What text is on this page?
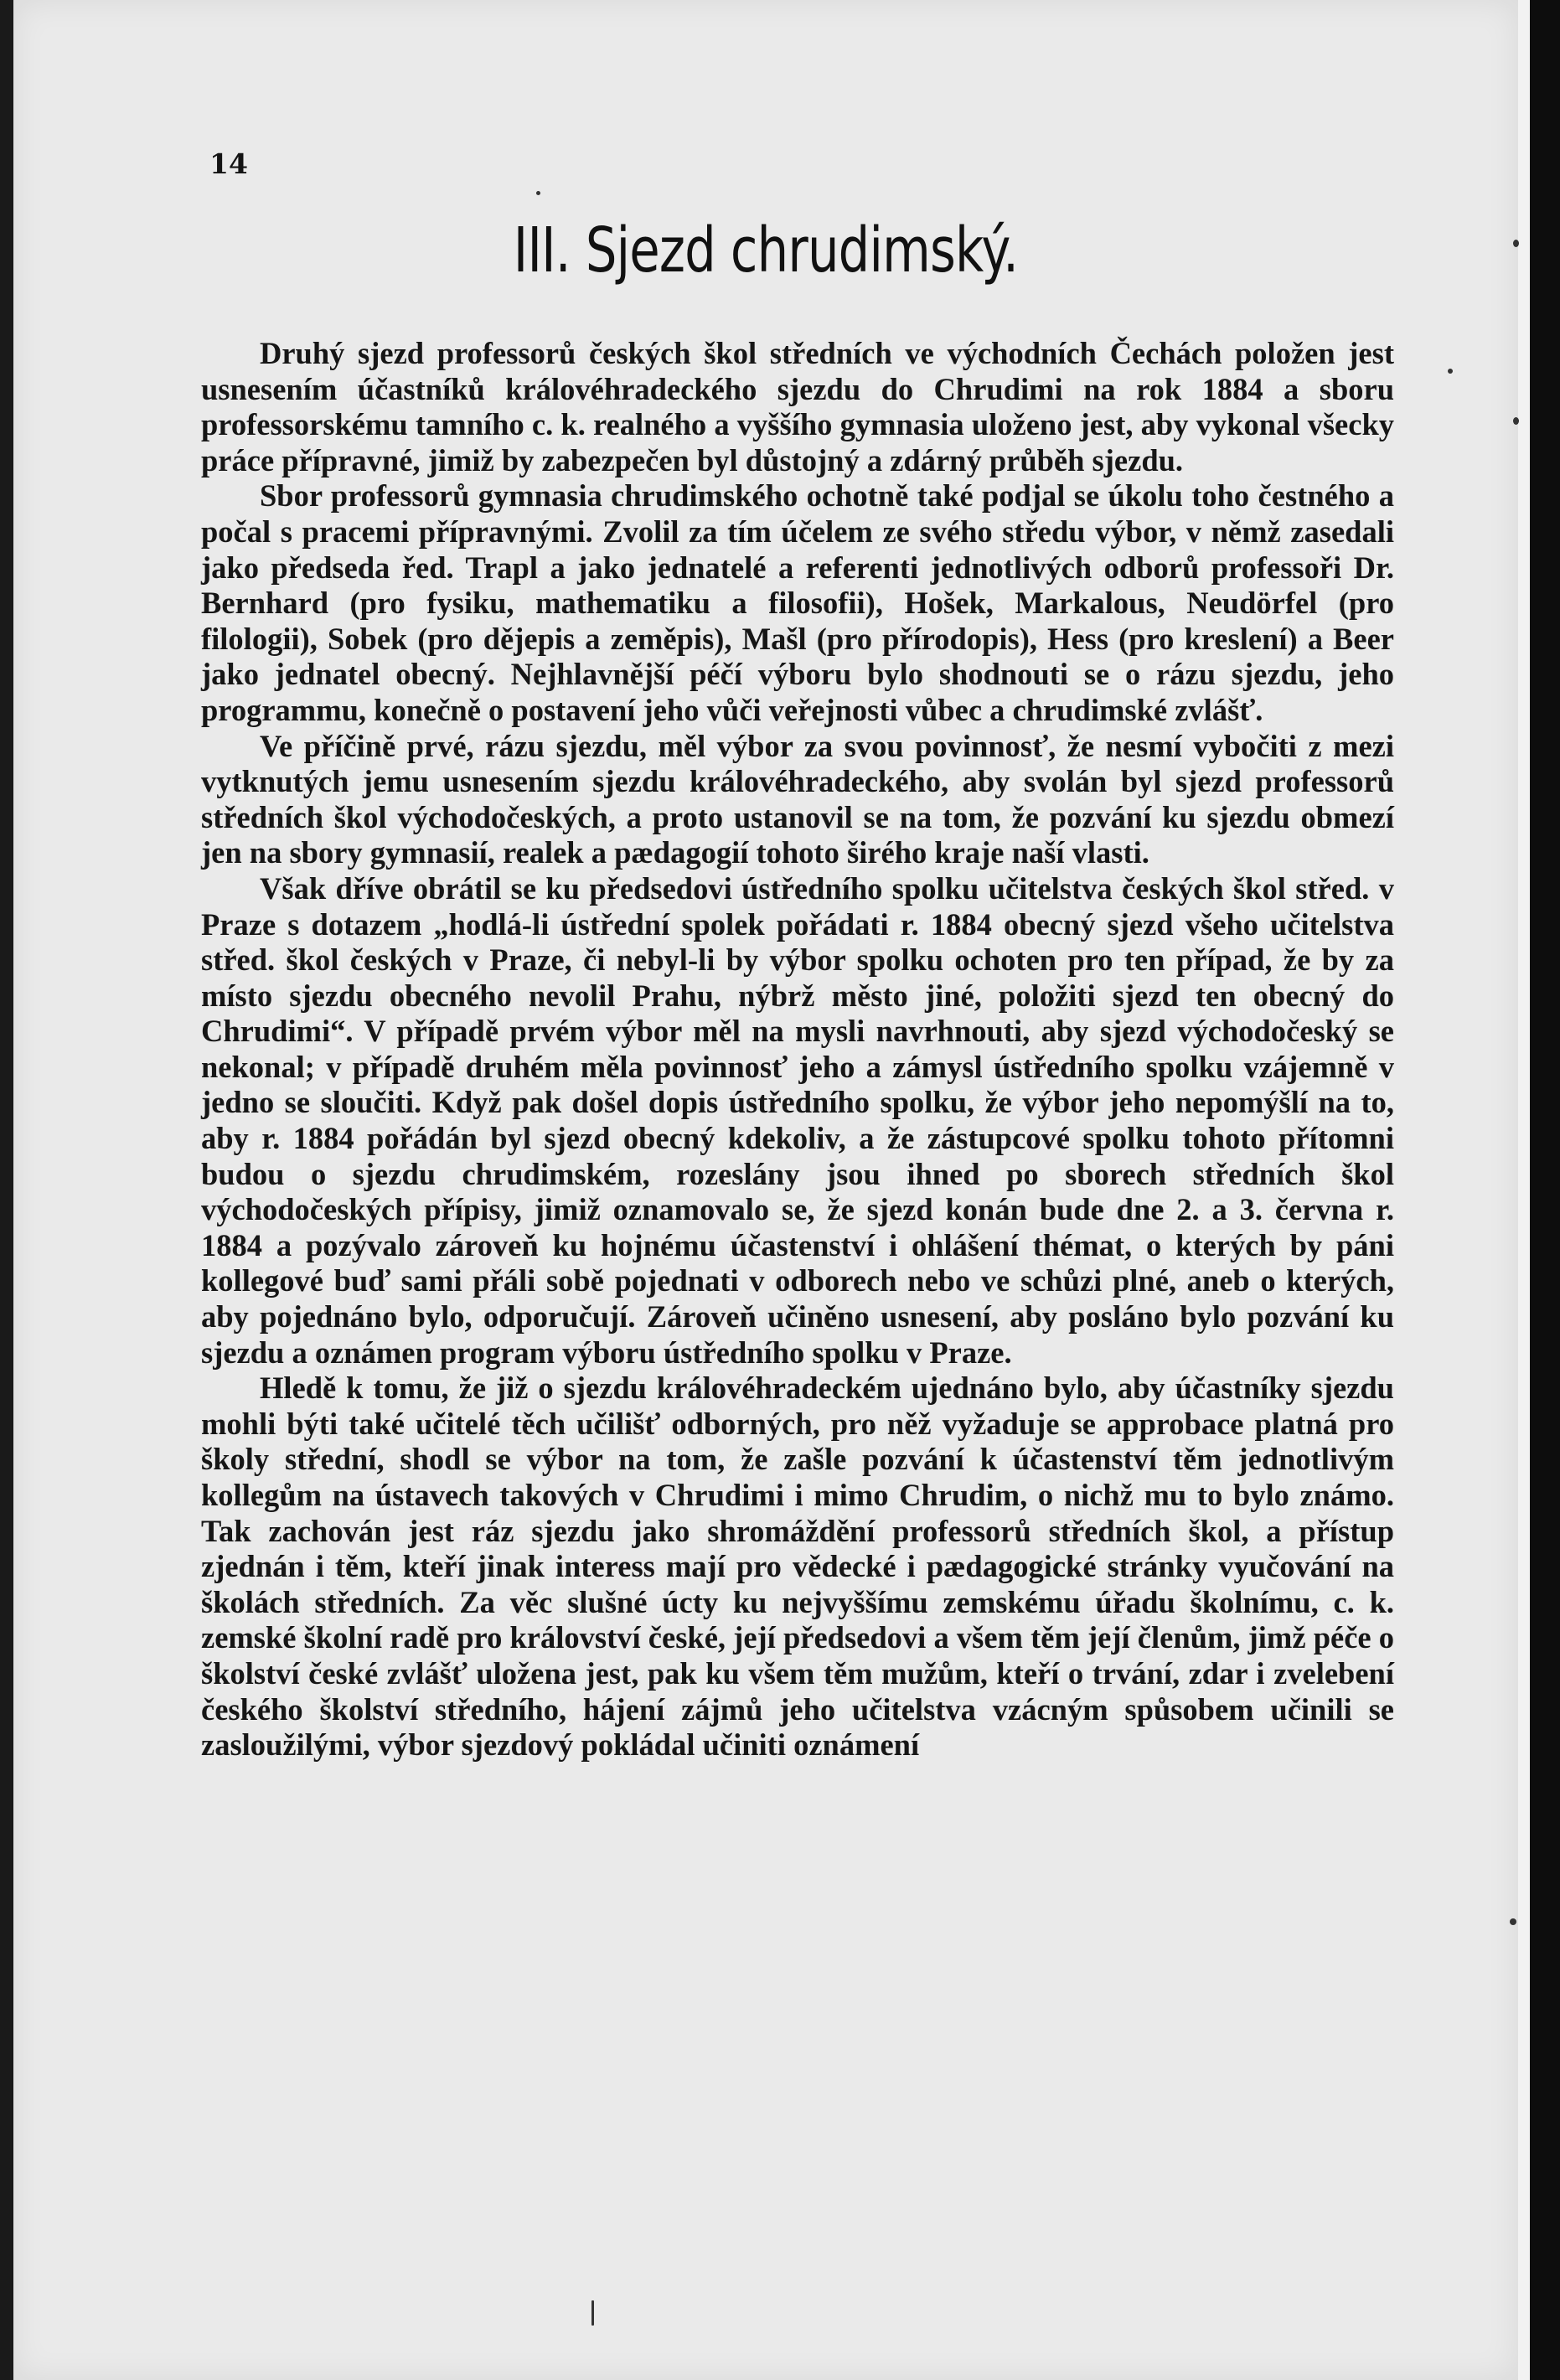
14
III. Sjezd chrudimský.

Druhý sjezd professorů českých škol středních ve východních Čechách položen jest usnesením účastníků královéhradeckého sjezdu do Chrudimi na rok 1884 a sboru professorskému tamního c. k. realného a vyššího gymnasia uloženo jest, aby vykonal všecky práce přípravné, jimiž by zabezpečen byl důstojný a zdárný průběh sjezdu.

Sbor professorů gymnasia chrudimského ochotně také podjal se úkolu toho čestného a počal s pracemi přípravnými. Zvolil za tím účelem ze svého středu výbor, v němž zasedali jako předseda řed. Trapl a jako jednatelé a referenti jednotlivých odborů professoři Dr. Bernhard (pro fysiku, mathematiku a filosofii), Hošek, Markalous, Neudörfel (pro filologii), Sobek (pro dějepis a zeměpis), Mašl (pro přírodopis), Hess (pro kreslení) a Beer jako jednatel obecný. Nejhlavnější péčí výboru bylo shodnouti se o rázu sjezdu, jeho programmu, konečně o postavení jeho vůči veřejnosti vůbec a chrudimské zvlášť.

Ve příčině prvé, rázu sjezdu, měl výbor za svou povinnosť, že nesmí vybočiti z mezi vytknutých jemu usnesením sjezdu královéhradeckého, aby svolán byl sjezd professorů středních škol východočeských, a proto ustanovil se na tom, že pozvání ku sjezdu obmezí jen na sbory gymnasií, realek a pædagogií tohoto širého kraje naší vlasti.

Však dříve obrátil se ku předsedovi ústředního spolku učitelstva českých škol střed. v Praze s dotazem „hodlá-li ústřední spolek pořádati r. 1884 obecný sjezd všeho učitelstva střed. škol českých v Praze, či nebyl-li by výbor spolku ochoten pro ten případ, že by za místo sjezdu obecného nevolil Prahu, nýbrž město jiné, položiti sjezd ten obecný do Chrudimi“. V případě prvém výbor měl na mysli navrhnouti, aby sjezd východočeský se nekonal; v případě druhém měla povinnosť jeho a zámysl ústředního spolku vzájemně v jedno se sloučiti. Když pak došel dopis ústředního spolku, že výbor jeho nepomýšlí na to, aby r. 1884 pořádán byl sjezd obecný kdekoliv, a že zástupcové spolku tohoto přítomni budou o sjezdu chrudimském, rozeslány jsou ihned po sborech středních škol východočeských přípisy, jimiž oznamovalo se, že sjezd konán bude dne 2. a 3. června r. 1884 a pozývalo zároveň ku hojnému účastenství i ohlášení thémat, o kterých by páni kollegové buď sami přáli sobě pojednati v odborech nebo ve schůzi plné, aneb o kterých, aby pojednáno bylo, odporučují. Zároveň učiněno usnesení, aby posláno bylo pozvání ku sjezdu a oznámen program výboru ústředního spolku v Praze.

Hledě k tomu, že již o sjezdu královéhradeckém ujednáno bylo, aby účastníky sjezdu mohli býti také učitelé těch učilišť odborných, pro něž vyžaduje se approbace platná pro školy střední, shodl se výbor na tom, že zašle pozvání k účastenství těm jednotlivým kollegům na ústavech takových v Chrudimi i mimo Chrudim, o nichž mu to bylo známo. Tak zachován jest ráz sjezdu jako shromáždění professorů středních škol, a přístup zjednán i těm, kteří jinak interess mají pro vědecké i pædagogické stránky vyučování na školách středních. Za věc slušné úcty ku nejvyššímu zemskému úřadu školnímu, c. k. zemské školní radě pro království české, její předsedovi a všem těm její členům, jimž péče o školství české zvlášť uložena jest, pak ku všem těm mužům, kteří o trvání, zdar i zvelebení českého školství středního, hájení zájmů jeho učitelstva vzácným spůsobem učinili se zasloužilými, výbor sjezdový pokládal učiniti oznámení
